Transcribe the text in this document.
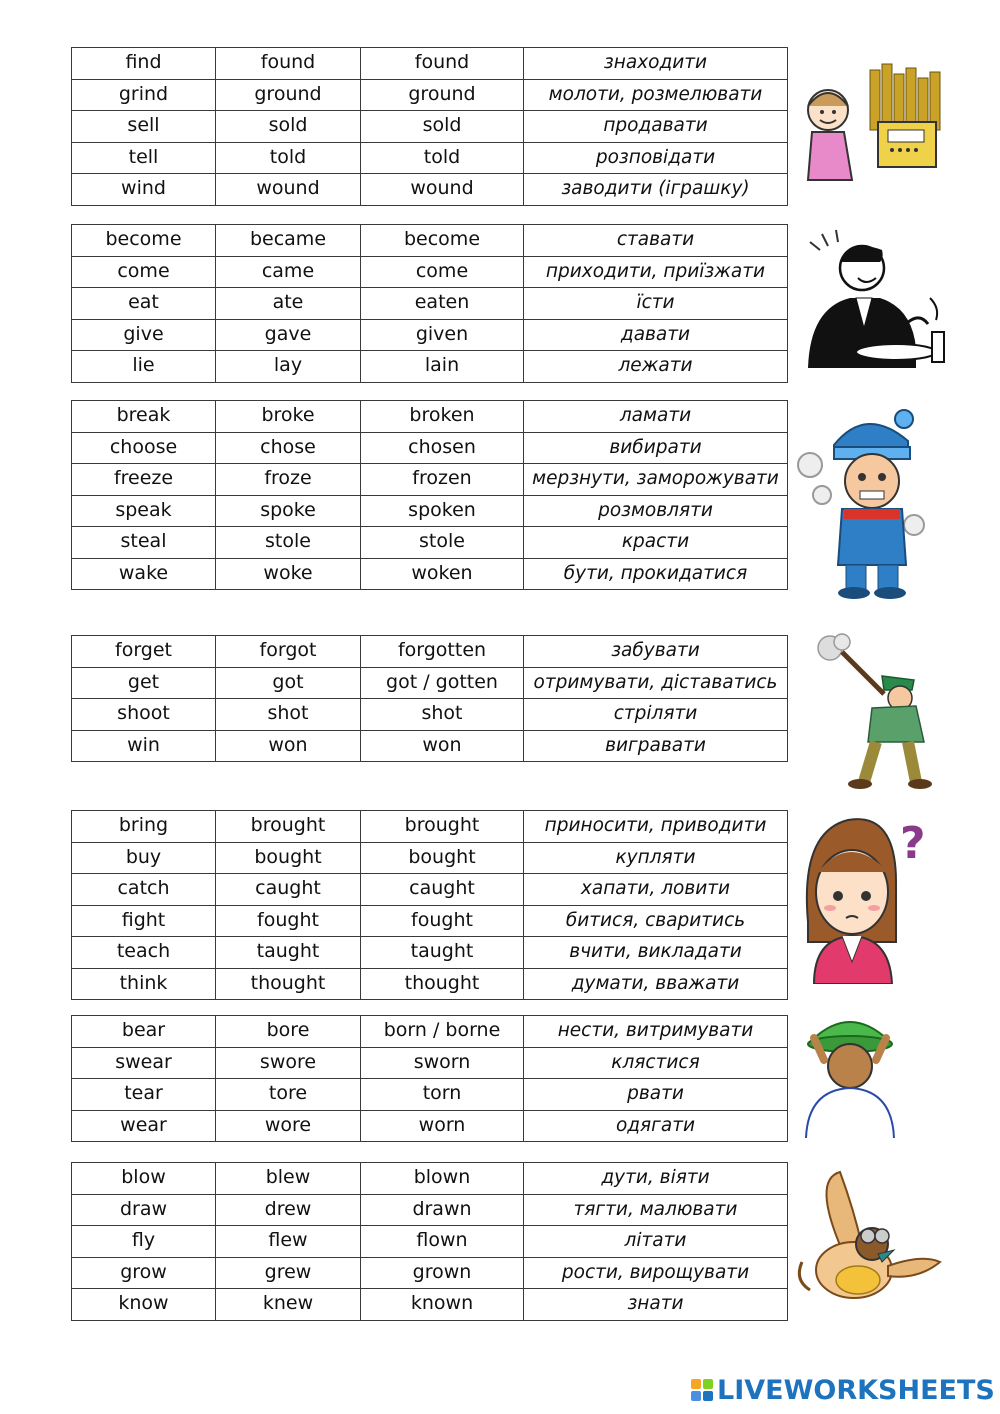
find	found	found	знаходити
grind	ground	ground	молоти, розмелювати
sell	sold	sold	продавати
tell	told	told	розповідати
wind	wound	wound	заводити (іграшку)
become	became	become	ставати
come	came	come	приходити, приїзжати
eat	ate	eaten	їсти
give	gave	given	давати
lie	lay	lain	лежати
break	broke	broken	ламати
choose	chose	chosen	вибирати
freeze	froze	frozen	мерзнути, заморожувати
speak	spoke	spoken	розмовляти
steal	stole	stole	красти
wake	woke	woken	бути, прокидатися
forget	forgot	forgotten	забувати
get	got	got / gotten	отримувати, діставатись
shoot	shot	shot	стріляти
win	won	won	вигравати
bring	brought	brought	приносити, приводити
buy	bought	bought	купляти
catch	caught	caught	хапати, ловити
fight	fought	fought	битися, сваритись
teach	taught	taught	вчити, викладати
think	thought	thought	думати, вважати
bear	bore	born / borne	нести, витримувати
swear	swore	sworn	клястися
tear	tore	torn	рвати
wear	wore	worn	одягати
blow	blew	blown	дути, віяти
draw	drew	drawn	тягти, малювати
fly	flew	flown	літати
grow	grew	grown	рости, вирощувати
know	knew	known	знати
?
LIVEWORKSHEETS
